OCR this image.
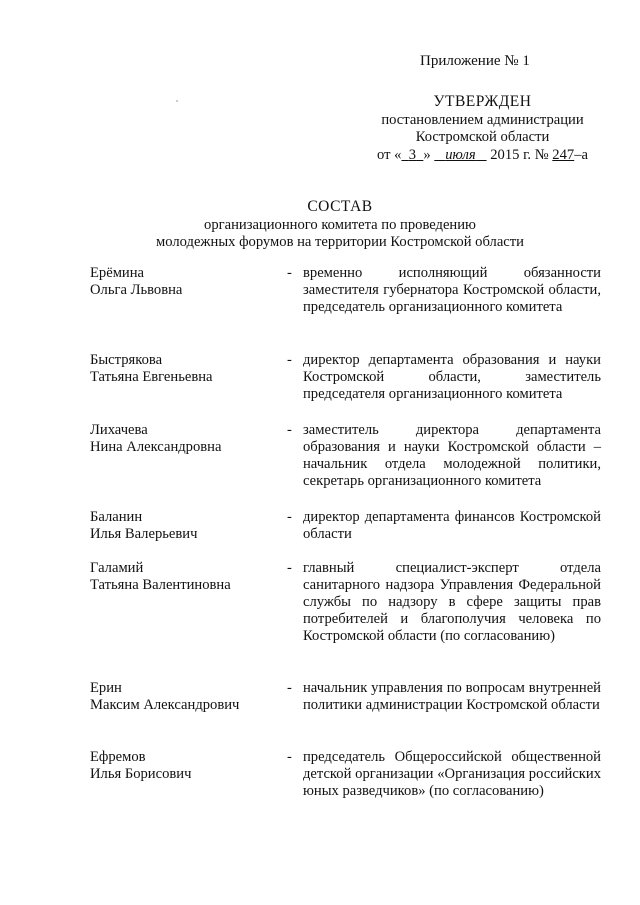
Приложение № 1
УТВЕРЖДЕН
постановлением администрации
Костромской области
от « 3 » июля 2015 г. № 247–а
СОСТАВ
организационного комитета по проведению
молодежных форумов на территории Костромской области
Ерёмина
Ольга Львовна
- временно исполняющий обязанности заместителя губернатора Костромской области, председатель организационного комитета
Быстрякова
Татьяна Евгеньевна
- директор департамента образования и науки Костромской области, заместитель председателя организационного комитета
Лихачева
Нина Александровна
- заместитель директора департамента образования и науки Костромской области – начальник отдела молодежной политики, секретарь организационного комитета
Баланин
Илья Валерьевич
- директор департамента финансов Костромской области
Галамий
Татьяна Валентиновна
- главный специалист-эксперт отдела санитарного надзора Управления Федеральной службы по надзору в сфере защиты прав потребителей и благополучия человека по Костромской области (по согласованию)
Ерин
Максим Александрович
- начальник управления по вопросам внутренней политики администрации Костромской области
Ефремов
Илья Борисович
- председатель Общероссийской общественной детской организации «Организация российских юных разведчиков» (по согласованию)
